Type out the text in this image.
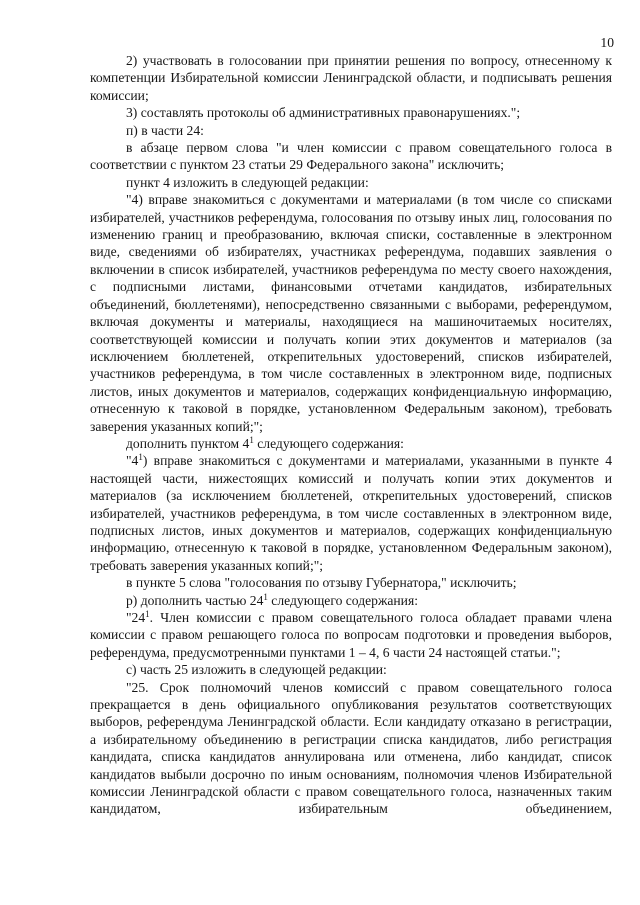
10

2) участвовать в голосовании при принятии решения по вопросу, отнесенному к компетенции Избирательной комиссии Ленинградской области, и подписывать решения комиссии;

3) составлять протоколы об административных правонарушениях.";

п) в части 24:

в абзаце первом слова "и член комиссии с правом совещательного голоса в соответствии с пунктом 23 статьи 29 Федерального закона" исключить;

пункт 4 изложить в следующей редакции:

"4) вправе знакомиться с документами и материалами (в том числе со списками избирателей, участников референдума, голосования по отзыву иных лиц, голосования по изменению границ и преобразованию, включая списки, составленные в электронном виде, сведениями об избирателях, участниках референдума, подавших заявления о включении в список избирателей, участников референдума по месту своего нахождения, с подписными листами, финансовыми отчетами кандидатов, избирательных объединений, бюллетенями), непосредственно связанными с выборами, референдумом, включая документы и материалы, находящиеся на машиночитаемых носителях, соответствующей комиссии и получать копии этих документов и материалов (за исключением бюллетеней, открепительных удостоверений, списков избирателей, участников референдума, в том числе составленных в электронном виде, подписных листов, иных документов и материалов, содержащих конфиденциальную информацию, отнесенную к таковой в порядке, установленном Федеральным законом), требовать заверения указанных копий;";

дополнить пунктом $4^1$ следующего содержания:

"$4^1$) вправе знакомиться с документами и материалами, указанными в пункте 4 настоящей части, нижестоящих комиссий и получать копии этих документов и материалов (за исключением бюллетеней, открепительных удостоверений, списков избирателей, участников референдума, в том числе составленных в электронном виде, подписных листов, иных документов и материалов, содержащих конфиденциальную информацию, отнесенную к таковой в порядке, установленном Федеральным законом), требовать заверения указанных копий;";

в пункте 5 слова "голосования по отзыву Губернатора," исключить;

р) дополнить частью $24^1$ следующего содержания:

"$24^1$. Член комиссии с правом совещательного голоса обладает правами члена комиссии с правом решающего голоса по вопросам подготовки и проведения выборов, референдума, предусмотренными пунктами 1 – 4, 6 части 24 настоящей статьи.";

с) часть 25 изложить в следующей редакции:

"25. Срок полномочий членов комиссий с правом совещательного голоса прекращается в день официального опубликования результатов соответствующих выборов, референдума Ленинградской области. Если кандидату отказано в регистрации, а избирательному объединению в регистрации списка кандидатов, либо регистрация кандидата, списка кандидатов аннулирована или отменена, либо кандидат, список кандидатов выбыли досрочно по иным основаниям, полномочия членов Избирательной комиссии Ленинградской области с правом совещательного голоса, назначенных таким кандидатом, избирательным объединением,
